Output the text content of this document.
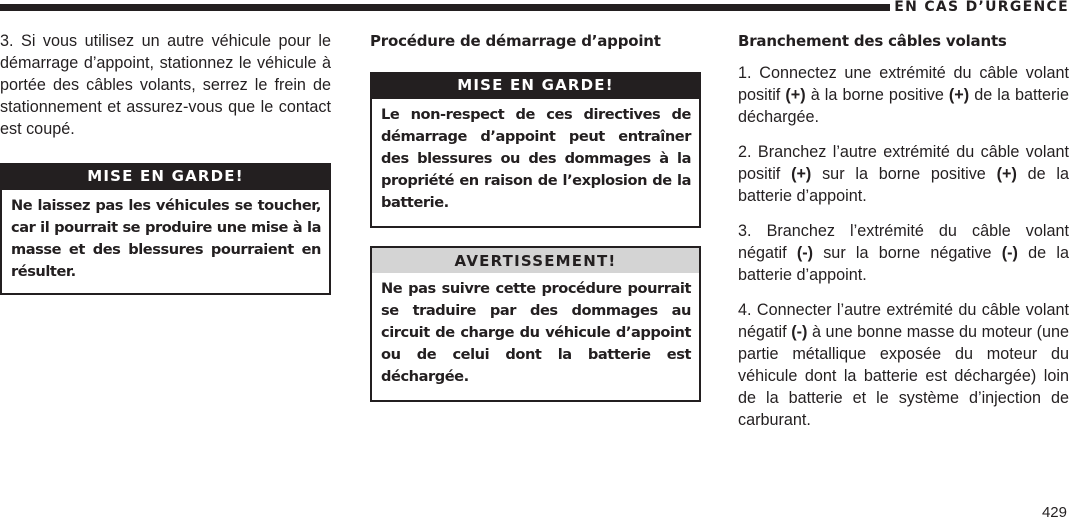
EN CAS D’URGENCE

3. Si vous utilisez un autre véhicule pour le démarrage d’appoint, stationnez le véhicule à portée des câbles volants, serrez le frein de stationnement et assurez-vous que le contact est coupé.

MISE EN GARDE!
Ne laissez pas les véhicules se toucher, car il pourrait se produire une mise à la masse et des blessures pourraient en résulter.
Procédure de démarrage d’appoint
MISE EN GARDE!
Le non-respect de ces directives de démarrage d’appoint peut entraîner des blessures ou des dommages à la propriété en raison de l’explosion de la batterie.
AVERTISSEMENT!
Ne pas suivre cette procédure pourrait se traduire par des dommages au circuit de charge du véhicule d’appoint ou de celui dont la batterie est déchargée.
Branchement des câbles volants

1. Connectez une extrémité du câble volant positif (+) à la borne positive (+) de la batterie déchargée.

2. Branchez l’autre extrémité du câble volant positif (+) sur la borne positive (+) de la batterie d’appoint.

3. Branchez l’extrémité du câble volant négatif (-) sur la borne négative (-) de la batterie d’appoint.

4. Connecter l’autre extrémité du câble volant négatif (-) à une bonne masse du moteur (une partie métallique exposée du moteur du véhicule dont la batterie est déchargée) loin de la batterie et le système d’injection de carburant.

429
